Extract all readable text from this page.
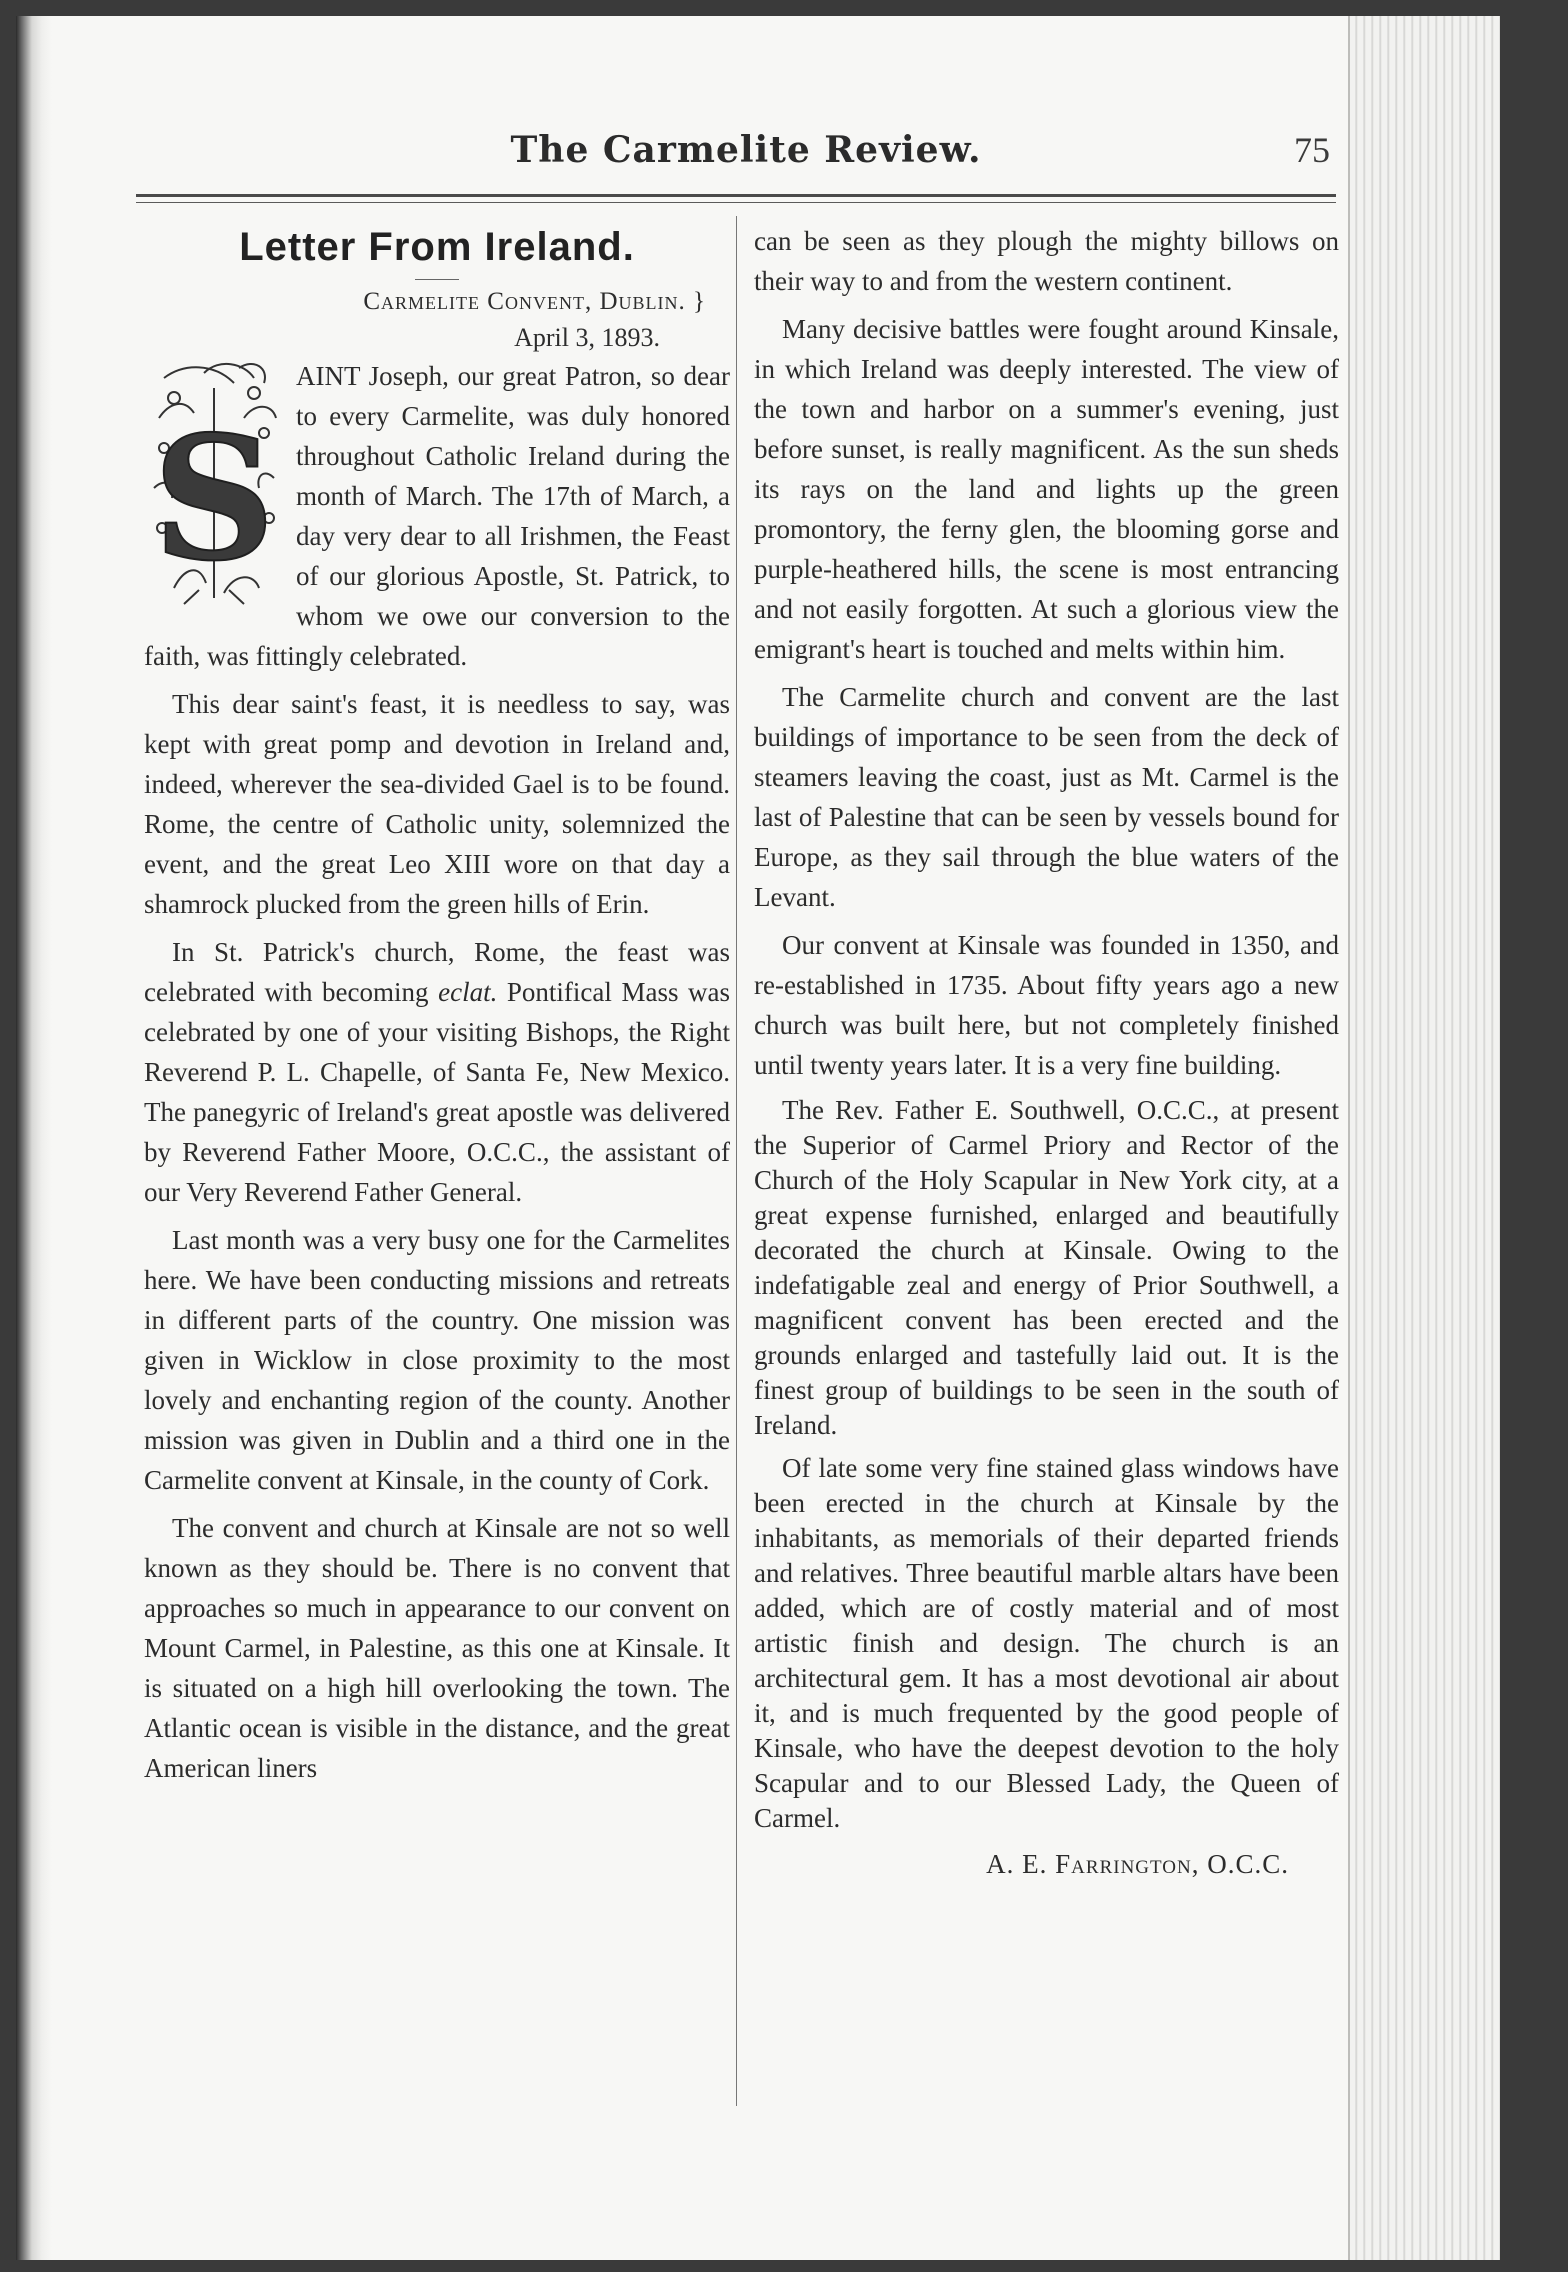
The Carmelite Review.	75
Letter From Ireland.
Carmelite Convent, Dublin. }
April 3, 1893.
S

AINT Joseph, our great Patron, so dear to every Carmelite, was duly honored throughout Catholic Ireland during the month of March. The 17th of March, a day very dear to all Irishmen, the Feast of our glorious Apostle, St. Patrick, to whom we owe our conversion to the faith, was fittingly celebrated.

This dear saint's feast, it is needless to say, was kept with great pomp and devotion in Ireland and, indeed, wherever the sea-divided Gael is to be found. Rome, the centre of Catholic unity, solemnized the event, and the great Leo XIII wore on that day a shamrock plucked from the green hills of Erin.

In St. Patrick's church, Rome, the feast was celebrated with becoming eclat. Pontifical Mass was celebrated by one of your visiting Bishops, the Right Reverend P. L. Chapelle, of Santa Fe, New Mexico. The panegyric of Ireland's great apostle was delivered by Reverend Father Moore, O.C.C., the assistant of our Very Reverend Father General.

Last month was a very busy one for the Carmelites here. We have been conducting missions and retreats in different parts of the country. One mission was given in Wicklow in close proximity to the most lovely and enchanting region of the county. Another mission was given in Dublin and a third one in the Carmelite convent at Kinsale, in the county of Cork.

The convent and church at Kinsale are not so well known as they should be. There is no convent that approaches so much in appearance to our convent on Mount Carmel, in Palestine, as this one at Kinsale. It is situated on a high hill overlooking the town. The Atlantic ocean is visible in the distance, and the great American liners

can be seen as they plough the mighty billows on their way to and from the western continent.

Many decisive battles were fought around Kinsale, in which Ireland was deeply interested. The view of the town and harbor on a summer's evening, just before sunset, is really magnificent. As the sun sheds its rays on the land and lights up the green promontory, the ferny glen, the blooming gorse and purple-heathered hills, the scene is most entrancing and not easily forgotten. At such a glorious view the emigrant's heart is touched and melts within him.

The Carmelite church and convent are the last buildings of importance to be seen from the deck of steamers leaving the coast, just as Mt. Carmel is the last of Palestine that can be seen by vessels bound for Europe, as they sail through the blue waters of the Levant.

Our convent at Kinsale was founded in 1350, and re-established in 1735. About fifty years ago a new church was built here, but not completely finished until twenty years later. It is a very fine building.

The Rev. Father E. Southwell, O.C.C., at present the Superior of Carmel Priory and Rector of the Church of the Holy Scapular in New York city, at a great expense furnished, enlarged and beautifully decorated the church at Kinsale. Owing to the indefatigable zeal and energy of Prior Southwell, a magnificent convent has been erected and the grounds enlarged and tastefully laid out. It is the finest group of buildings to be seen in the south of Ireland.

Of late some very fine stained glass windows have been erected in the church at Kinsale by the inhabitants, as memorials of their departed friends and relatives. Three beautiful marble altars have been added, which are of costly material and of most artistic finish and design. The church is an architectural gem. It has a most devotional air about it, and is much frequented by the good people of Kinsale, who have the deepest devotion to the holy Scapular and to our Blessed Lady, the Queen of Carmel.

A. E. Farrington, O.C.C.
